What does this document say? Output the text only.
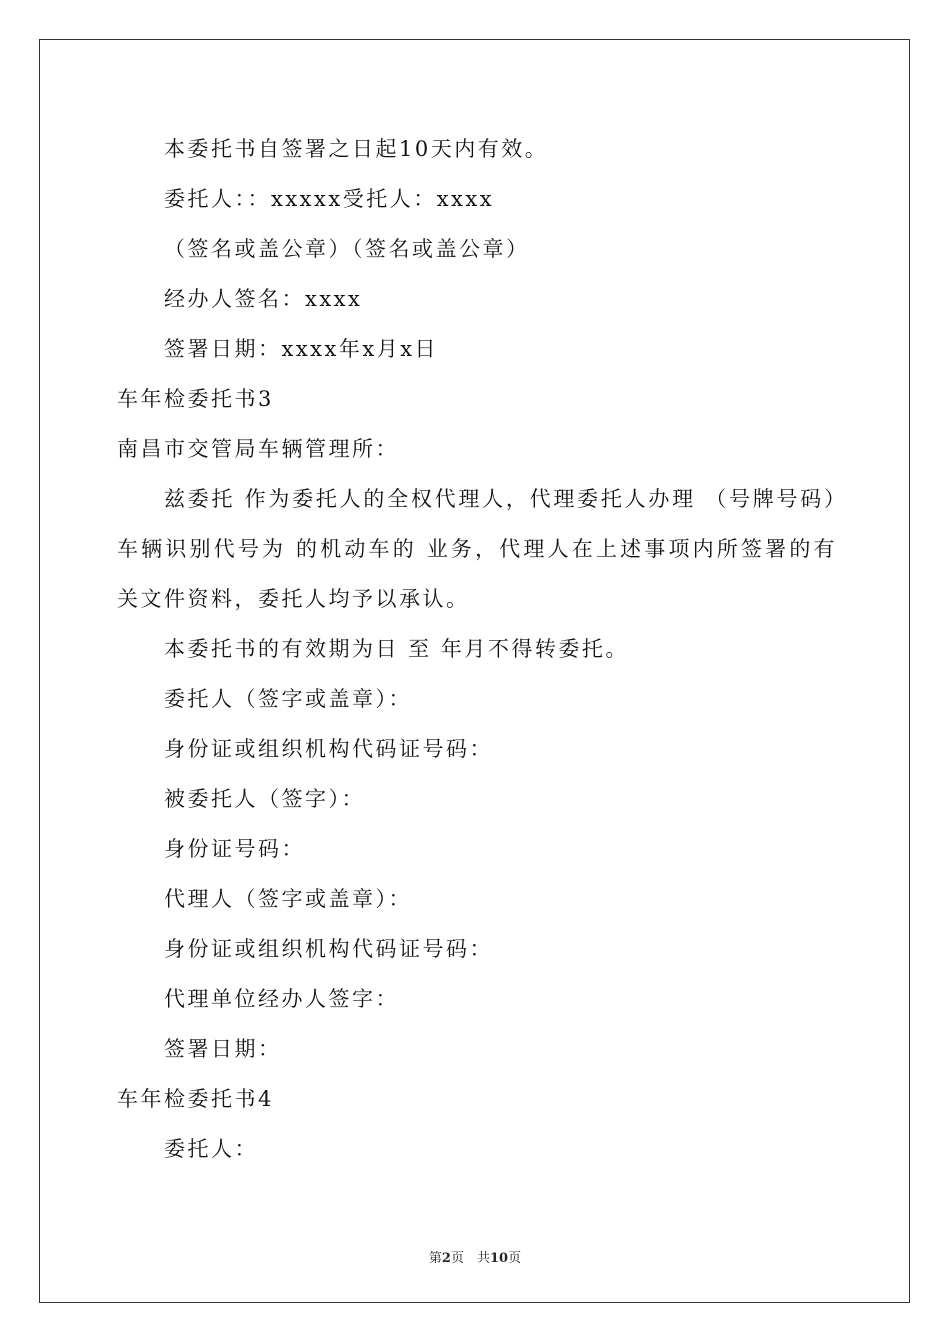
本委托书自签署之日起10天内有效。
委托人：：xxxxx受托人：xxxx
（签名或盖公章）（签名或盖公章）
经办人签名：xxxx
签署日期：xxxx年x月x日
车年检委托书3
南昌市交管局车辆管理所：

兹委托 作为委托人的全权代理人，代理委托人办理 （号牌号码）车辆识别代号为 的机动车的 业务，代理人在上述事项内所签署的有关文件资料，委托人均予以承认。

本委托书的有效期为日 至 年月不得转委托。
委托人（签字或盖章）：
身份证或组织机构代码证号码：
被委托人（签字）：
身份证号码：
代理人（签字或盖章）：
身份证或组织机构代码证号码：
代理单位经办人签字：
签署日期：
车年检委托书4
委托人：
第2页　共10页
